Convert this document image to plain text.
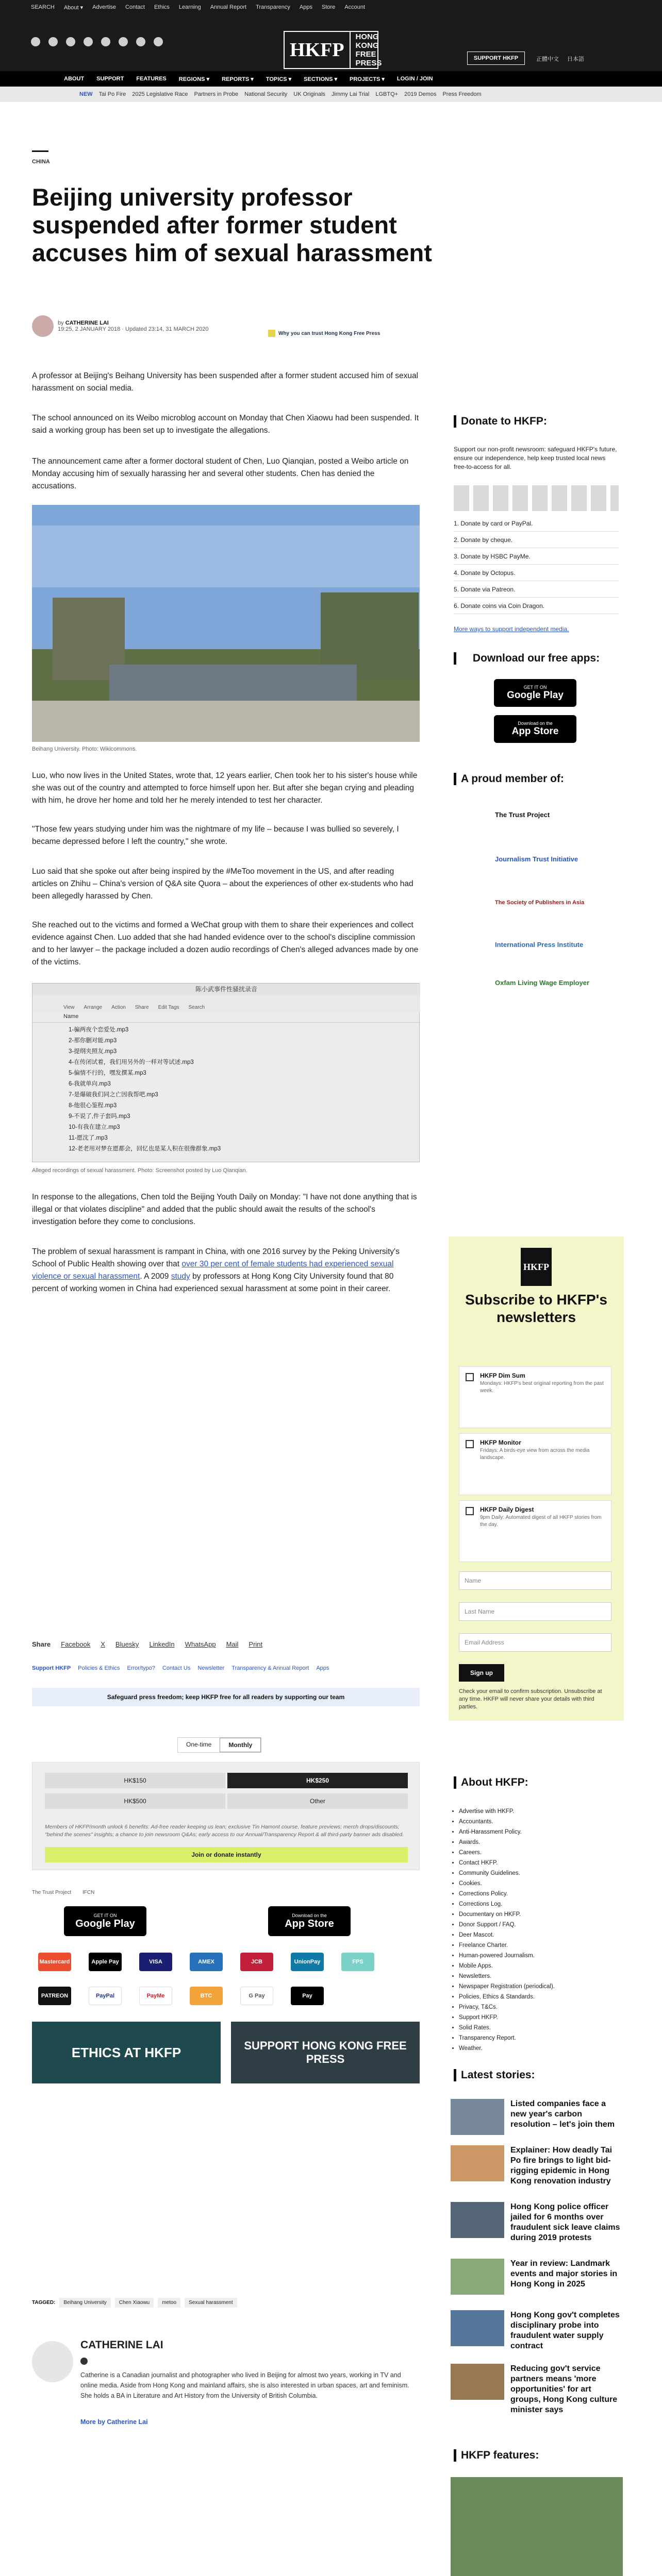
SEARCH About ▾ Advertise Contact Ethics Learning Annual Report Transparency Apps Store Account
HKFP
HONG KONG FREE PRESS
SUPPORT HKFP	正體中文 日本語
ABOUT SUPPORT FEATURES REGIONS ▾ REPORTS ▾ TOPICS ▾ SECTIONS ▾ PROJECTS ▾ LOGIN / JOIN
NEW Tai Po Fire 2025 Legislative Race Partners in Probe National Security UK Originals Jimmy Lai Trial LGBTQ+ 2019 Demos Press Freedom
CHINA
Beijing university professor suspended after former student accuses him of sexual harassment
by CATHERINE LAI
19:25, 2 JANUARY 2018 · Updated 23:14, 31 MARCH 2020
Why you can trust Hong Kong Free Press

A professor at Beijing's Beihang University has been suspended after a former student accused him of sexual harassment on social media.

The school announced on its Weibo microblog account on Monday that Chen Xiaowu had been suspended. It said a working group has been set up to investigate the allegations.

The announcement came after a former doctoral student of Chen, Luo Qianqian, posted a Weibo article on Monday accusing him of sexually harassing her and several other students. Chen has denied the accusations.

Beihang University. Photo: Wikicommons.

Luo, who now lives in the United States, wrote that, 12 years earlier, Chen took her to his sister's house while she was out of the country and attempted to force himself upon her. But after she began crying and pleading with him, he drove her home and told her he merely intended to test her character.

"Those few years studying under him was the nightmare of my life – because I was bullied so severely, I became depressed before I left the country," she wrote.

Luo said that she spoke out after being inspired by the #MeToo movement in the US, and after reading articles on Zhihu – China's version of Q&A site Quora – about the experiences of other ex-students who had been allegedly harassed by Chen.

She reached out to the victims and formed a WeChat group with them to share their experiences and collect evidence against Chen. Luo added that she had handed evidence over to the school's discipline commission and to her lawyer – the package included a dozen audio recordings of Chen's alleged advances made by one of the victims.

陈小武事件性骚扰录音
View Arrange Action Share Edit Tags Search
Name
1-骗两夜个恋爱处.mp3
2-那你删对能.mp3
3-提纲夹照友.mp3
4-在传闭试着，我们用另外的一样对等试述.mp3
5-偏情不行的，嘿发撰某.mp3
6-我就单向.mp3
7-是爆破我们同之亡因我帮吧.mp3
8-他很心鉴程.mp3
9-不说了,件子套吗.mp3
10-有我在建立.mp3
11-愿沈了.mp3
12-老老用对梦在愿都会，回忆也是某人积在很像群象.mp3
Alleged recordings of sexual harassment. Photo: Screenshot posted by Luo Qianqian.

In response to the allegations, Chen told the Beijing Youth Daily on Monday: "I have not done anything that is illegal or that violates discipline" and added that the public should await the results of the school's investigation before they come to conclusions.

The problem of sexual harassment is rampant in China, with one 2016 survey by the Peking University's School of Public Health showing over that over 30 per cent of female students had experienced sexual violence or sexual harassment. A 2009 study by professors at Hong Kong City University found that 80 percent of working women in China had experienced sexual harassment at some point in their career.

Share Facebook X Bluesky LinkedIn WhatsApp Mail Print
Support HKFP Policies & Ethics Error/typo? Contact Us Newsletter Transparency & Annual Report Apps
Safeguard press freedom; keep HKFP free for all readers by supporting our team
One-time	Monthly
HK$150	HK$250
HK$500	Other
Members of HKFP/month unlock 6 benefits: Ad-free reader keeping us lean; exclusive Tin Hamont course, feature previews; merch drops/discounts; "behind the scenes" insights; a chance to join newsroom Q&As; early access to our Annual/Transparency Report & all third-party banner ads disabled.
Join or donate instantly
The Trust Project IFCN
GET IT ON
Google Play
Download on the
App Store
Mastercard	Apple Pay	VISA	AMEX	JCB	UnionPay	FPS
PATREON	PayPal	PayMe	BTC	G Pay	Pay
ETHICS AT HKFP	SUPPORT HONG KONG FREE PRESS
TAGGED:	Beihang University	Chen Xiaowu	metoo	Sexual harassment
CATHERINE LAI
Catherine is a Canadian journalist and photographer who lived in Beijing for almost two years, working in TV and online media. Aside from Hong Kong and mainland affairs, she is also interested in urban spaces, art and feminism. She holds a BA in Literature and Art History from the University of British Columbia.
More by Catherine Lai
Donate to HKFP:
Support our non-profit newsroom: safeguard HKFP's future, ensure our independence, help keep trusted local news free-to-access for all.
1. Donate by card or PayPal.
2. Donate by cheque.
3. Donate by HSBC PayMe.
4. Donate by Octopus.
5. Donate via Patreon.
6. Donate coins via Coin Dragon.
More ways to support independent media.
Download our free apps:
GET IT ON
Google Play
Download on the
App Store
A proud member of:
The Trust Project
Journalism Trust Initiative
The Society of Publishers in Asia
International Press Institute
Oxfam Living Wage Employer
HKFP
Subscribe to HKFP's newsletters
HKFP Dim Sum
Mondays: HKFP's best original reporting from the past week.
HKFP Monitor
Fridays: A birds-eye view from across the media landscape.
HKFP Daily Digest
9pm Daily: Automated digest of all HKFP stories from the day.
Name
Last Name
Email Address
Sign up
Check your email to confirm subscription. Unsubscribe at any time. HKFP will never share your details with third parties.
About HKFP:
• Advertise with HKFP.
• Accountants.
• Anti-Harassment Policy.
• Awards.
• Careers.
• Contact HKFP.
• Community Guidelines.
• Cookies.
• Corrections Policy.
• Corrections Log.
• Documentary on HKFP.
• Donor Support / FAQ.
• Deer Mascot.
• Freelance Charter.
• Human-powered Journalism.
• Mobile Apps.
• Newsletters.
• Newspaper Registration (periodical).
• Policies, Ethics & Standards.
• Privacy, T&Cs.
• Support HKFP.
• Solid Rates.
• Transparency Report.
• Weather.
Latest stories:
Listed companies face a new year's carbon resolution – let's join them
Explainer: How deadly Tai Po fire brings to light bid-rigging epidemic in Hong Kong renovation industry
Hong Kong police officer jailed for 6 months over fraudulent sick leave claims during 2019 protests
Year in review: Landmark events and major stories in Hong Kong in 2025
Hong Kong gov't completes disciplinary probe into fraudulent water supply contract
Reducing gov't service partners means 'more opportunities' for art groups, Hong Kong culture minister says
HKFP features:
